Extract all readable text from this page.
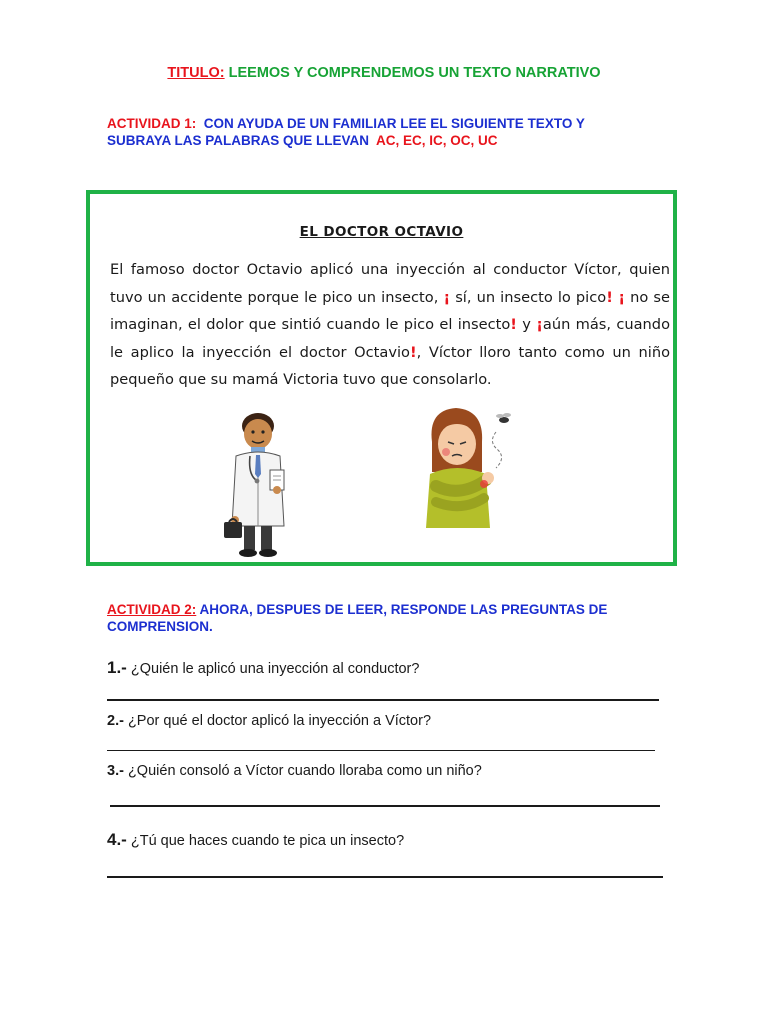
TITULO: LEEMOS Y COMPRENDEMOS UN TEXTO NARRATIVO
ACTIVIDAD 1: CON AYUDA DE UN FAMILIAR LEE EL SIGUIENTE TEXTO Y
SUBRAYA LAS PALABRAS QUE LLEVAN AC, EC, IC, OC, UC
EL DOCTOR OCTAVIO
El famoso doctor Octavio aplicó una inyección al conductor Víctor, quien tuvo un accidente porque le pico un insecto, ¡ sí, un insecto lo pico! ¡ no se imaginan, el dolor que sintió cuando le pico el insecto! y ¡aún más, cuando le aplico la inyección el doctor Octavio!, Víctor lloro tanto como un niño pequeño que su mamá Victoria tuvo que consolarlo.
ACTIVIDAD 2: AHORA, DESPUES DE LEER, RESPONDE LAS PREGUNTAS DE
COMPRENSION.
1.- ¿Quién le aplicó una inyección al conductor?
2.- ¿Por qué el doctor aplicó la inyección a Víctor?
3.- ¿Quién consoló a Víctor cuando lloraba como un niño?
4.- ¿Tú que haces cuando te pica un insecto?
